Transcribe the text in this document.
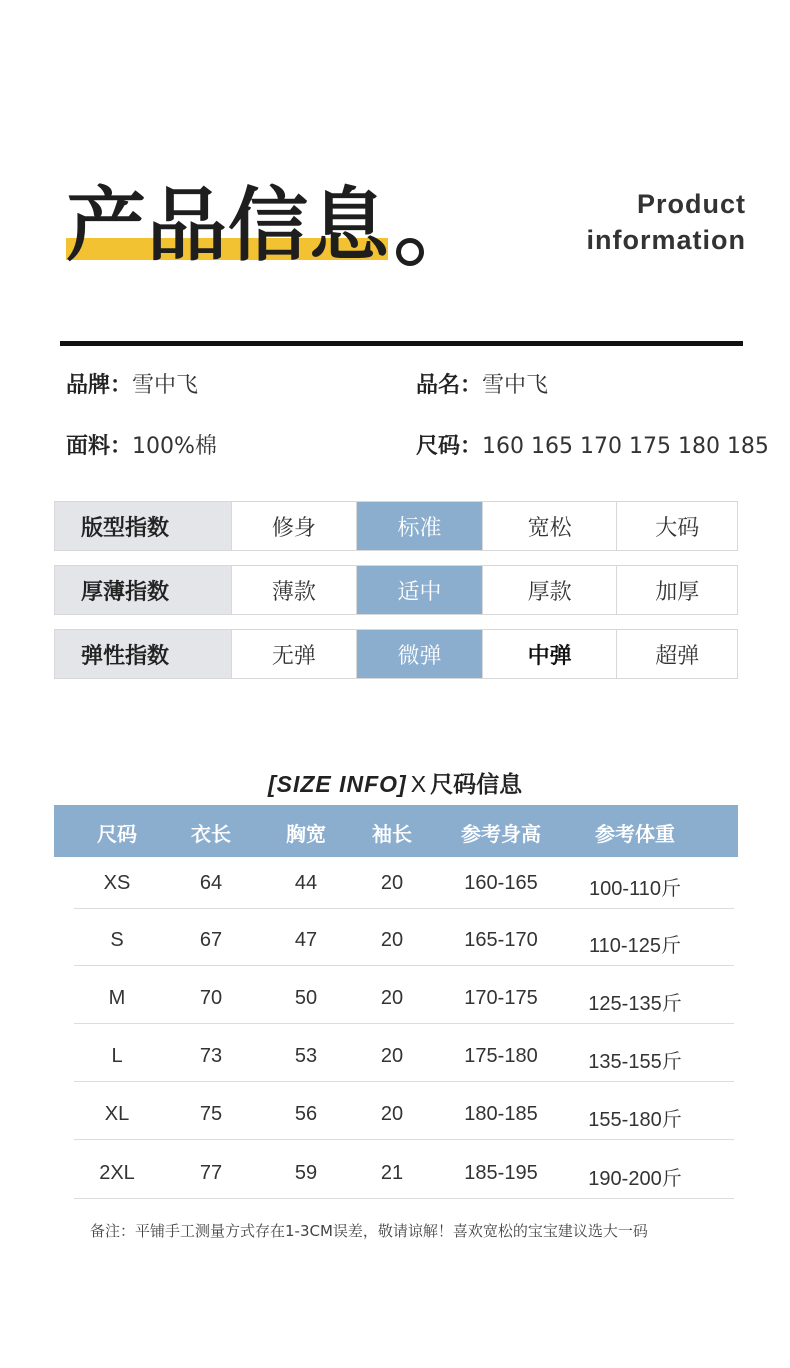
产品信息	Product
information
品牌：雪中飞	品名：雪中飞
面料：100%棉	尺码：160 165 170 175 180 185
版型指数	修身	标准	宽松	大码
厚薄指数	薄款	适中	厚款	加厚
弹性指数	无弹	微弹	中弹	超弹
[SIZE INFO] X 尺码信息
尺码	衣长	胸宽 袖长 参考身高	参考体重
XS	64	44	20	160-165	100-110斤
S	67	47	20	165-170	110-125斤
M	70	50	20	170-175	125-135斤
L	73	53	20	175-180	135-155斤
XL	75	56	20	180-185	155-180斤
2XL	77	59	21	185-195	190-200斤
备注：平铺手工测量方式存在1-3CM误差，敬请谅解！喜欢宽松的宝宝建议选大一码
